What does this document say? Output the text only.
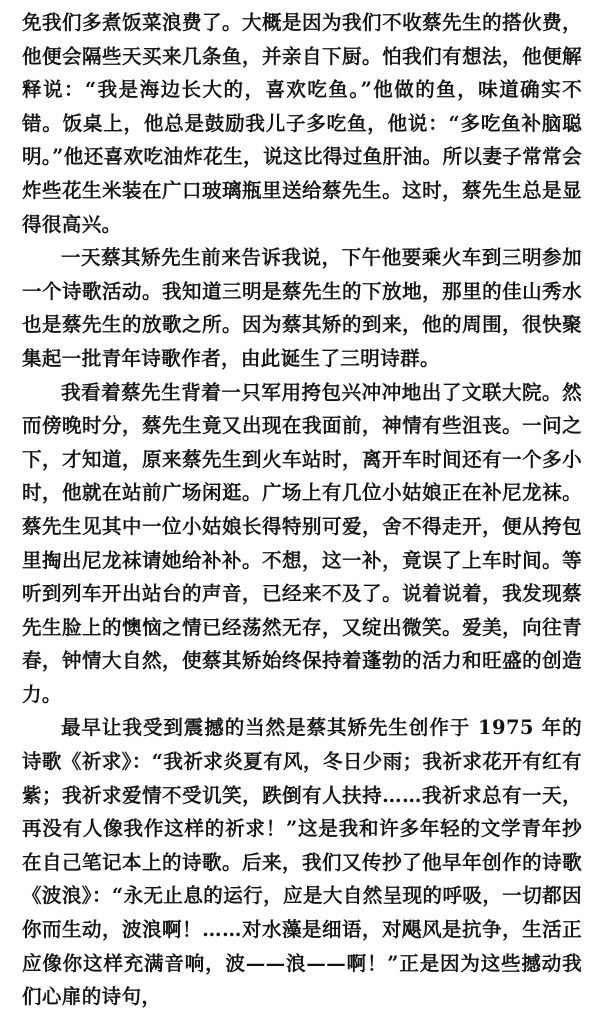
免我们多煮饭菜浪费了。大概是因为我们不收蔡先生的搭伙费，他便会隔些天买来几条鱼，并亲自下厨。怕我们有想法，他便解释说：“我是海边长大的，喜欢吃鱼。”他做的鱼，味道确实不错。饭桌上，他总是鼓励我儿子多吃鱼，他说：“多吃鱼补脑聪明。”他还喜欢吃油炸花生，说这比得过鱼肝油。所以妻子常常会炸些花生米装在广口玻璃瓶里送给蔡先生。这时，蔡先生总是显得很高兴。

一天蔡其矫先生前来告诉我说，下午他要乘火车到三明参加一个诗歌活动。我知道三明是蔡先生的下放地，那里的佳山秀水也是蔡先生的放歌之所。因为蔡其矫的到来，他的周围，很快聚集起一批青年诗歌作者，由此诞生了三明诗群。

我看着蔡先生背着一只军用挎包兴冲冲地出了文联大院。然而傍晚时分，蔡先生竟又出现在我面前，神情有些沮丧。一问之下，才知道，原来蔡先生到火车站时，离开车时间还有一个多小时，他就在站前广场闲逛。广场上有几位小姑娘正在补尼龙袜。蔡先生见其中一位小姑娘长得特别可爱，舍不得走开，便从挎包里掏出尼龙袜请她给补补。不想，这一补，竟误了上车时间。等听到列车开出站台的声音，已经来不及了。说着说着，我发现蔡先生脸上的懊恼之情已经荡然无存，又绽出微笑。爱美，向往青春，钟情大自然，使蔡其矫始终保持着蓬勃的活力和旺盛的创造力。

最早让我受到震撼的当然是蔡其矫先生创作于 1975 年的诗歌《祈求》：“我祈求炎夏有风，冬日少雨；我祈求花开有红有紫；我祈求爱情不受讥笑，跌倒有人扶持……我祈求总有一天，再没有人像我作这样的祈求！”这是我和许多年轻的文学青年抄在自己笔记本上的诗歌。后来，我们又传抄了他早年创作的诗歌《波浪》：“永无止息的运行，应是大自然呈现的呼吸，一切都因你而生动，波浪啊！……对水藻是细语，对飓风是抗争，生活正应像你这样充满音响，波——浪——啊！”正是因为这些撼动我们心扉的诗句，
